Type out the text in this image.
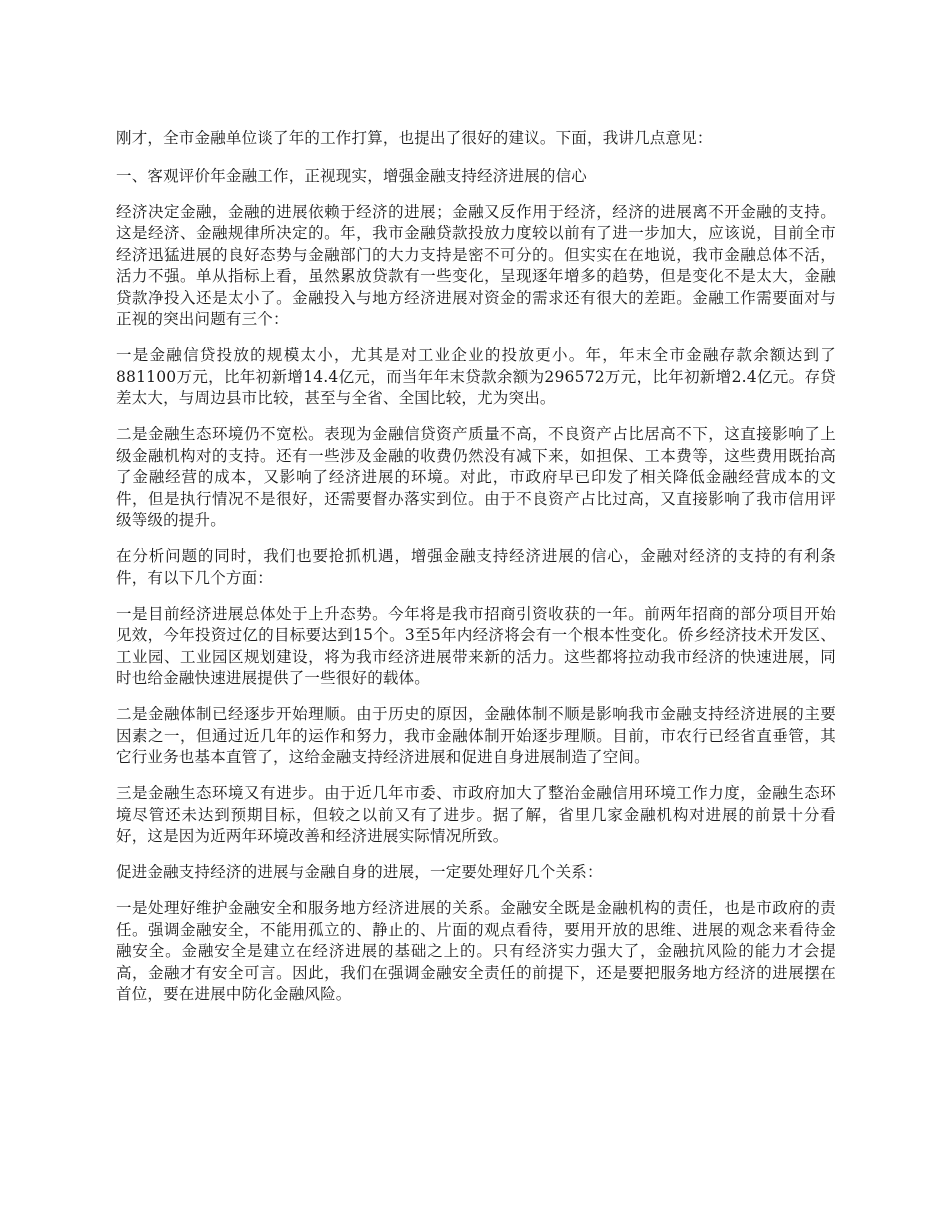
刚才，全市金融单位谈了年的工作打算，也提出了很好的建议。下面，我讲几点意见：

一、客观评价年金融工作，正视现实，增强金融支持经济进展的信心

经济决定金融，金融的进展依赖于经济的进展；金融又反作用于经济，经济的进展离不开金融的支持。这是经济、金融规律所决定的。年，我市金融贷款投放力度较以前有了进一步加大，应该说，目前全市经济迅猛进展的良好态势与金融部门的大力支持是密不可分的。但实实在在地说，我市金融总体不活，活力不强。单从指标上看，虽然累放贷款有一些变化，呈现逐年增多的趋势，但是变化不是太大，金融贷款净投入还是太小了。金融投入与地方经济进展对资金的需求还有很大的差距。金融工作需要面对与正视的突出问题有三个：

一是金融信贷投放的规模太小，尤其是对工业企业的投放更小。年，年末全市金融存款余额达到了881100万元，比年初新增14.4亿元，而当年年末贷款余额为296572万元，比年初新增2.4亿元。存贷差太大，与周边县市比较，甚至与全省、全国比较，尤为突出。

二是金融生态环境仍不宽松。表现为金融信贷资产质量不高，不良资产占比居高不下，这直接影响了上级金融机构对的支持。还有一些涉及金融的收费仍然没有减下来，如担保、工本费等，这些费用既抬高了金融经营的成本，又影响了经济进展的环境。对此，市政府早已印发了相关降低金融经营成本的文件，但是执行情况不是很好，还需要督办落实到位。由于不良资产占比过高，又直接影响了我市信用评级等级的提升。

在分析问题的同时，我们也要抢抓机遇，增强金融支持经济进展的信心，金融对经济的支持的有利条件，有以下几个方面：

一是目前经济进展总体处于上升态势。今年将是我市招商引资收获的一年。前两年招商的部分项目开始见效，今年投资过亿的目标要达到15个。3至5年内经济将会有一个根本性变化。侨乡经济技术开发区、工业园、工业园区规划建设，将为我市经济进展带来新的活力。这些都将拉动我市经济的快速进展，同时也给金融快速进展提供了一些很好的载体。

二是金融体制已经逐步开始理顺。由于历史的原因，金融体制不顺是影响我市金融支持经济进展的主要因素之一，但通过近几年的运作和努力，我市金融体制开始逐步理顺。目前，市农行已经省直垂管，其它行业务也基本直管了，这给金融支持经济进展和促进自身进展制造了空间。

三是金融生态环境又有进步。由于近几年市委、市政府加大了整治金融信用环境工作力度，金融生态环境尽管还未达到预期目标，但较之以前又有了进步。据了解，省里几家金融机构对进展的前景十分看好，这是因为近两年环境改善和经济进展实际情况所致。

促进金融支持经济的进展与金融自身的进展，一定要处理好几个关系：

一是处理好维护金融安全和服务地方经济进展的关系。金融安全既是金融机构的责任，也是市政府的责任。强调金融安全，不能用孤立的、静止的、片面的观点看待，要用开放的思维、进展的观念来看待金融安全。金融安全是建立在经济进展的基础之上的。只有经济实力强大了，金融抗风险的能力才会提高，金融才有安全可言。因此，我们在强调金融安全责任的前提下，还是要把服务地方经济的进展摆在首位，要在进展中防化金融风险。
